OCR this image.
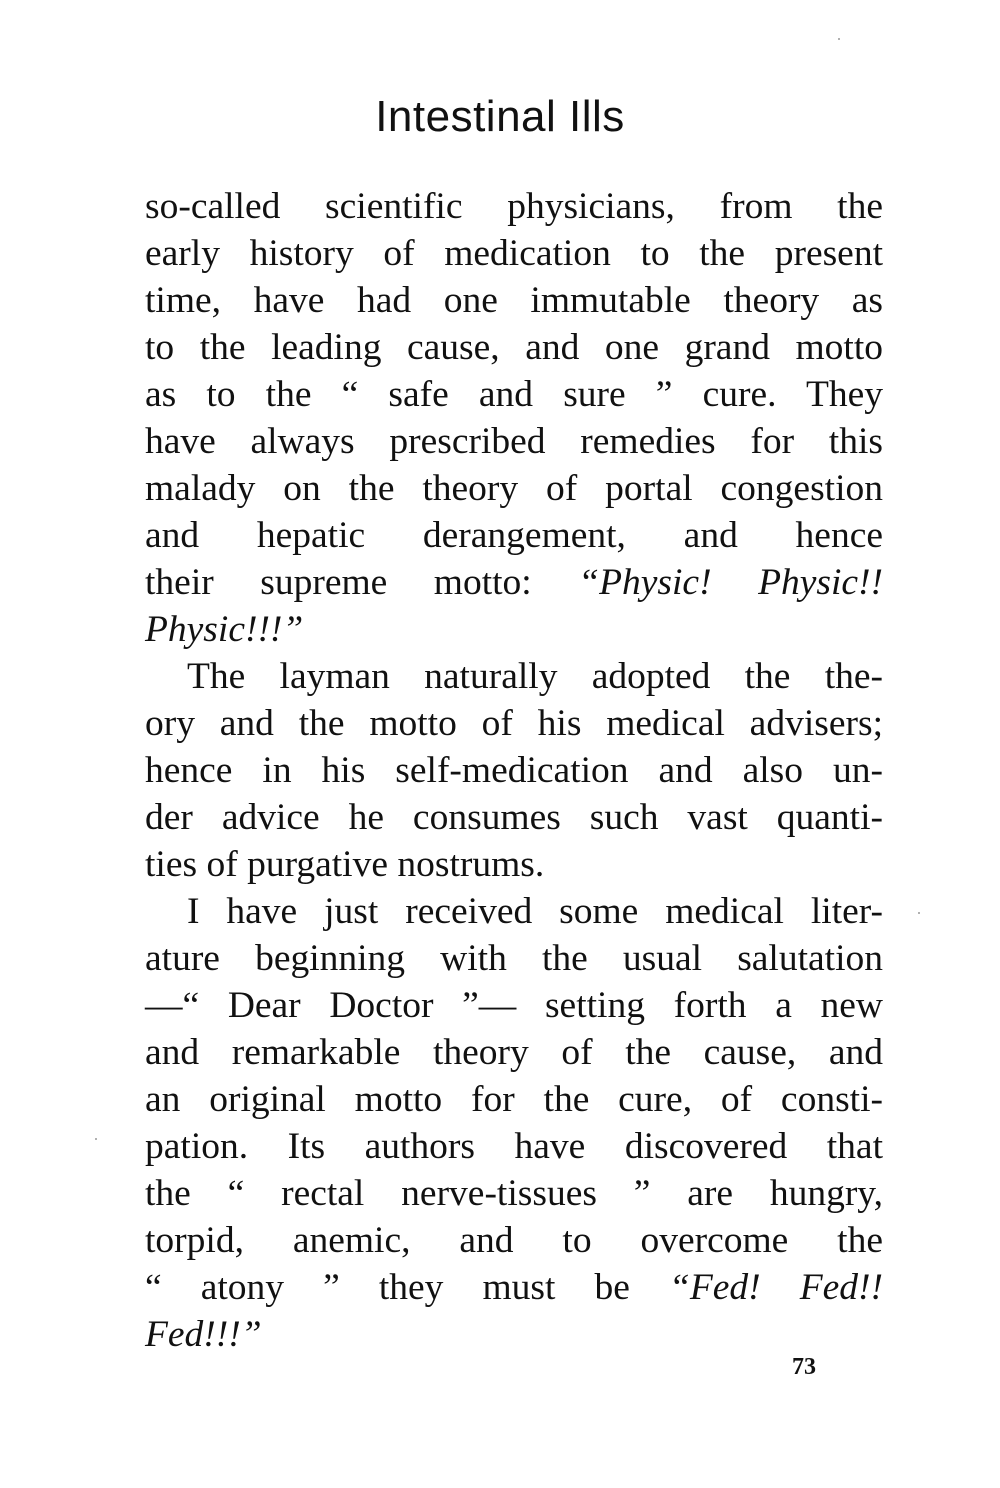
Intestinal Ills
so-called scientific physicians, from the
early history of medication to the present
time, have had one immutable theory as
to the leading cause, and one grand motto
as to the “ safe and sure ” cure. They
have always prescribed remedies for this
malady on the theory of portal congestion
and hepatic derangement, and hence
their supreme motto: “Physic! Physic!!
Physic!!!”
The layman naturally adopted the the-
ory and the motto of his medical advisers;
hence in his self-medication and also un-
der advice he consumes such vast quanti-
ties of purgative nostrums.
I have just received some medical liter-
ature beginning with the usual salutation
—“ Dear Doctor ”— setting forth a new
and remarkable theory of the cause, and
an original motto for the cure, of consti-
pation. Its authors have discovered that
the “ rectal nerve-tissues ” are hungry,
torpid, anemic, and to overcome the
“ atony ” they must be “Fed! Fed!!
Fed!!!”
73
